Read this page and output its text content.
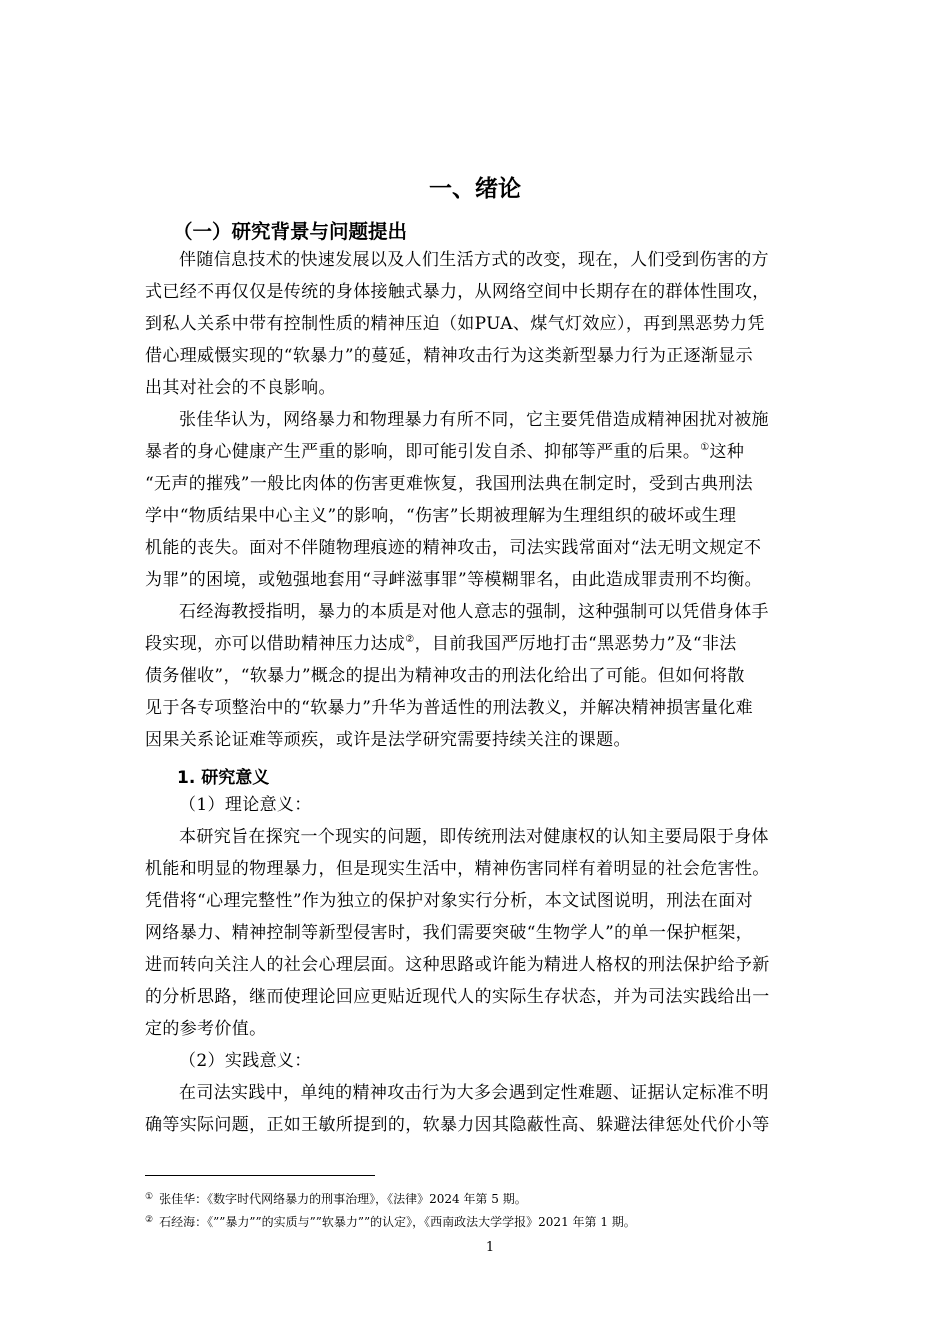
一、绪论
（一）研究背景与问题提出
伴随信息技术的快速发展以及人们生活方式的改变，现在，人们受到伤害的方
式已经不再仅仅是传统的身体接触式暴力，从网络空间中长期存在的群体性围攻，
到私人关系中带有控制性质的精神压迫（如PUA、煤气灯效应），再到黑恶势力凭
借心理威慑实现的“软暴力”的蔓延，精神攻击行为这类新型暴力行为正逐渐显示
出其对社会的不良影响。
张佳华认为，网络暴力和物理暴力有所不同，它主要凭借造成精神困扰对被施
暴者的身心健康产生严重的影响，即可能引发自杀、抑郁等严重的后果。①这种
“无声的摧残”一般比肉体的伤害更难恢复，我国刑法典在制定时，受到古典刑法
学中“物质结果中心主义”的影响，“伤害”长期被理解为生理组织的破坏或生理
机能的丧失。面对不伴随物理痕迹的精神攻击，司法实践常面对“法无明文规定不
为罪”的困境，或勉强地套用“寻衅滋事罪”等模糊罪名，由此造成罪责刑不均衡。
石经海教授指明，暴力的本质是对他人意志的强制，这种强制可以凭借身体手
段实现，亦可以借助精神压力达成②，目前我国严厉地打击“黑恶势力”及“非法
债务催收”，“软暴力”概念的提出为精神攻击的刑法化给出了可能。但如何将散
见于各专项整治中的“软暴力”升华为普适性的刑法教义，并解决精神损害量化难
因果关系论证难等顽疾，或许是法学研究需要持续关注的课题。
1. 研究意义
（1）理论意义：
本研究旨在探究一个现实的问题，即传统刑法对健康权的认知主要局限于身体
机能和明显的物理暴力，但是现实生活中，精神伤害同样有着明显的社会危害性。
凭借将“心理完整性”作为独立的保护对象实行分析，本文试图说明，刑法在面对
网络暴力、精神控制等新型侵害时，我们需要突破“生物学人”的单一保护框架，
进而转向关注人的社会心理层面。这种思路或许能为精进人格权的刑法保护给予新
的分析思路，继而使理论回应更贴近现代人的实际生存状态，并为司法实践给出一
定的参考价值。
（2）实践意义：
在司法实践中，单纯的精神攻击行为大多会遇到定性难题、证据认定标准不明
确等实际问题，正如王敏所提到的，软暴力因其隐蔽性高、躲避法律惩处代价小等
① 张佳华：《数字时代网络暴力的刑事治理》，《法律》2024 年第 5 期。
② 石经海：《””暴力””的实质与””软暴力””的认定》，《西南政法大学学报》2021 年第 1 期。
1
